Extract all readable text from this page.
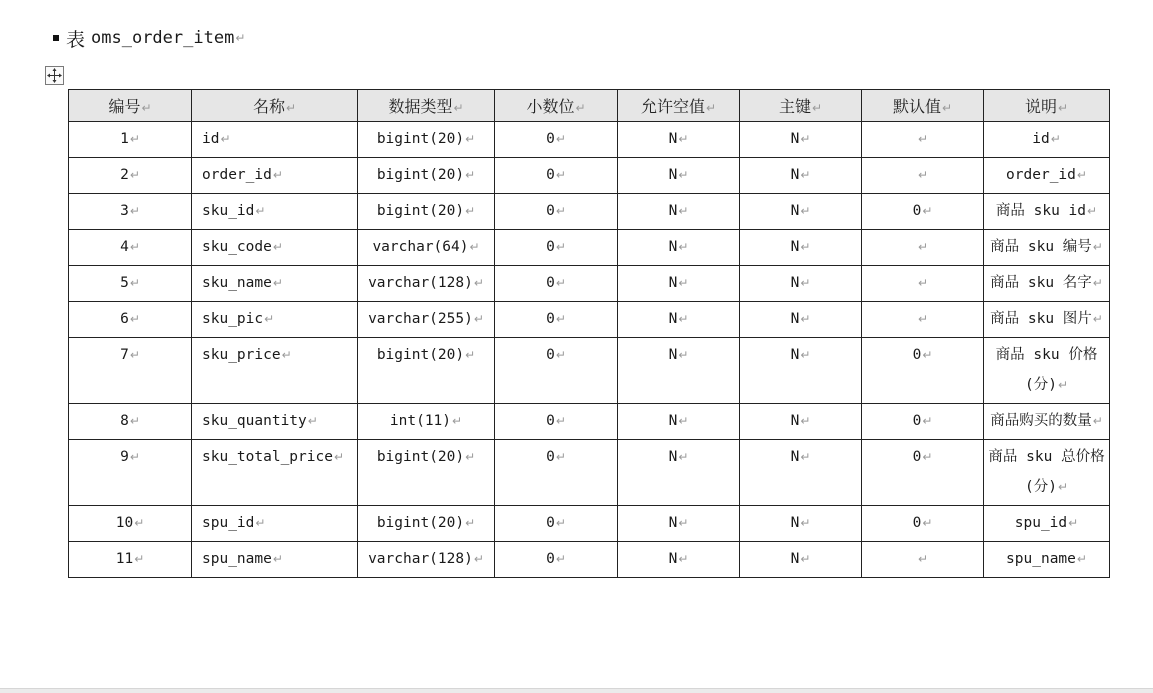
表 oms_order_item ↵
编号↵	名称↵	数据类型↵	小数位↵	允许空值↵	主键↵	默认值↵	说明↵
1↵	id↵	bigint(20)↵	0↵	N↵	N↵	↵	id↵
2↵	order_id↵	bigint(20)↵	0↵	N↵	N↵	↵	order_id↵
3↵	sku_id↵	bigint(20)↵	0↵	N↵	N↵	0↵	商品 sku id↵
4↵	sku_code↵	varchar(64)↵	0↵	N↵	N↵	↵	商品 sku 编号↵
5↵	sku_name↵	varchar(128)↵	0↵	N↵	N↵	↵	商品 sku 名字↵
6↵	sku_pic↵	varchar(255)↵	0↵	N↵	N↵	↵	商品 sku 图片↵
7↵	sku_price↵	bigint(20)↵	0↵	N↵	N↵	0↵	商品 sku 价格(分)↵
8↵	sku_quantity↵	int(11)↵	0↵	N↵	N↵	0↵	商品购买的数量↵
9↵	sku_total_price↵	bigint(20)↵	0↵	N↵	N↵	0↵	商品 sku 总价格(分)↵
10↵	spu_id↵	bigint(20)↵	0↵	N↵	N↵	0↵	spu_id↵
11↵	spu_name↵	varchar(128)↵	0↵	N↵	N↵	↵	spu_name↵
